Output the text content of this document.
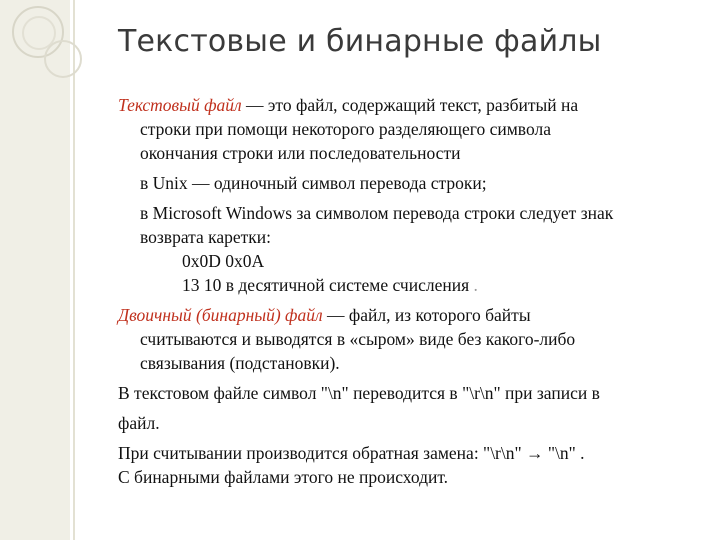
Текстовые и бинарные файлы

Текстовый файл — это файл, содержащий текст, разбитый на

строки при помощи некоторого разделяющего символа

окончания строки или последовательности

в Unix — одиночный символ перевода строки;

в Microsoft Windows за символом перевода строки следует знак

возврата каретки:

0x0D 0x0A

13 10 в десятичной системе счисления .

Двоичный (бинарный) файл — файл, из которого байты

считываются и выводятся в «сыром» виде без какого-либо

связывания (подстановки).

В текстовом файле символ "\n" переводится в "\r\n" при записи в

файл.

При считывании производится обратная замена: "\r\n" → "\n" .

С бинарными файлами этого не происходит.
